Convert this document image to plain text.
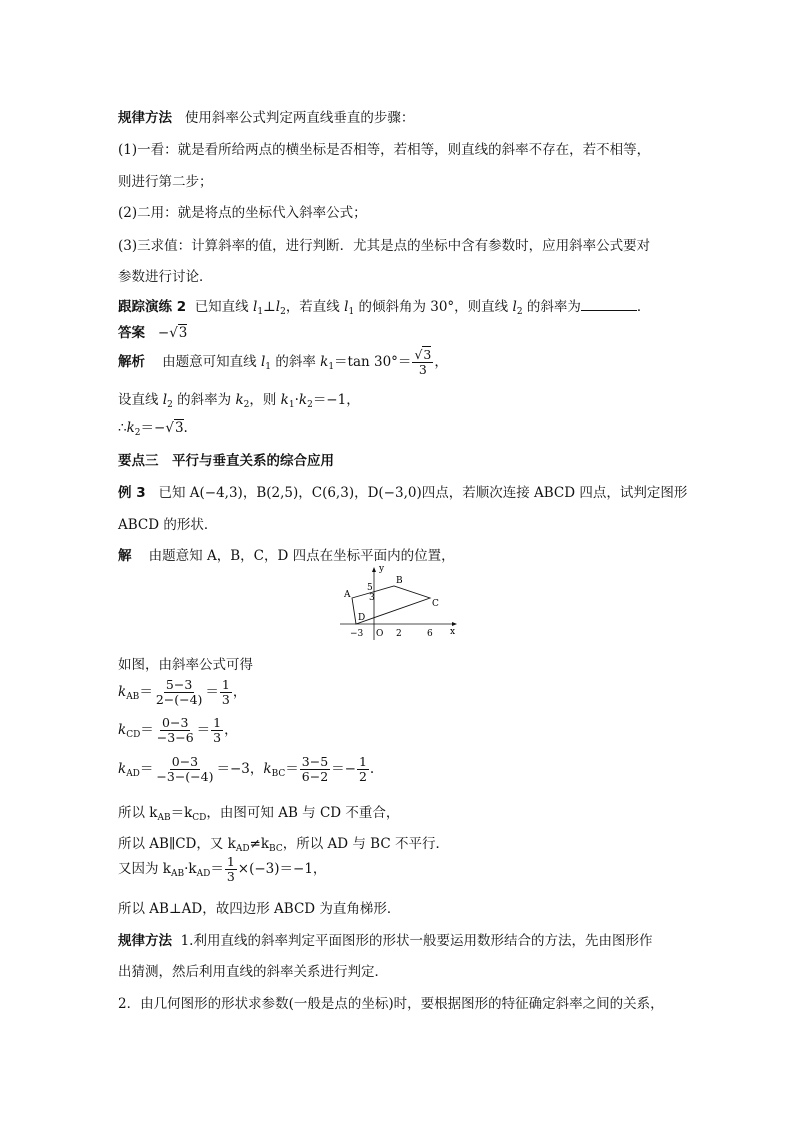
规律方法 使用斜率公式判定两直线垂直的步骤：
(1)一看：就是看所给两点的横坐标是否相等，若相等，则直线的斜率不存在，若不相等，
则进行第二步；
(2)二用：就是将点的坐标代入斜率公式；
(3)三求值：计算斜率的值，进行判断．尤其是点的坐标中含有参数时，应用斜率公式要对
参数进行讨论．
跟踪演练 2 已知直线 $l_1\perp l_2$，若直线 $l_1$ 的倾斜角为 30°，则直线 $l_2$ 的斜率为	．
答案 −√3
解析 由题意可知直线 $l_1$ 的斜率 $k_1=\tan$ $30^\circ= \frac{√3}{3}$ ，
设直线 $l_2$ 的斜率为 $k_2$，则 $k_1\cdot k_2=-1$，
$\therefore k_2=-√3$.
要点三　平行与垂直关系的综合应用
例 3 已知 A(−4,3)，B(2,5)，C(6,3)，D(−3,0)四点，若顺次连接 ABCD 四点，试判定图形
ABCD 的形状．
解 由题意知 A，B，C，D 四点在坐标平面内的位置，
y
x
5
3
A
B
C
D
O
−3	2	6
如图，由斜率公式可得
$k_{AB}= \frac{5-3}{2-(-4)} = \frac{1}{3}$ ，
$k_{CD}= \frac{0-3}{-3-6} = \frac{1}{3}$ ，
$k_{AD}= \frac{0-3}{-3-(-4)} =-3$，$k_{BC}= \frac{3-5}{6-2} =- \frac{1}{2}$ .
所以 $k_{AB}=k_{CD}$，由图可知 AB 与 CD 不重合，
所以 AB∥CD，又 $k_{AD}\ne k_{BC}$，所以 AD 与 BC 不平行．
又因为 $k_{AB}\cdot k_{AD}= \frac{1}{3} \times(-3)=-1$，
所以 AB⊥AD，故四边形 ABCD 为直角梯形．
规律方法 1.利用直线的斜率判定平面图形的形状一般要运用数形结合的方法，先由图形作
出猜测，然后利用直线的斜率关系进行判定．
2．由几何图形的形状求参数(一般是点的坐标)时，要根据图形的特征确定斜率之间的关系，
